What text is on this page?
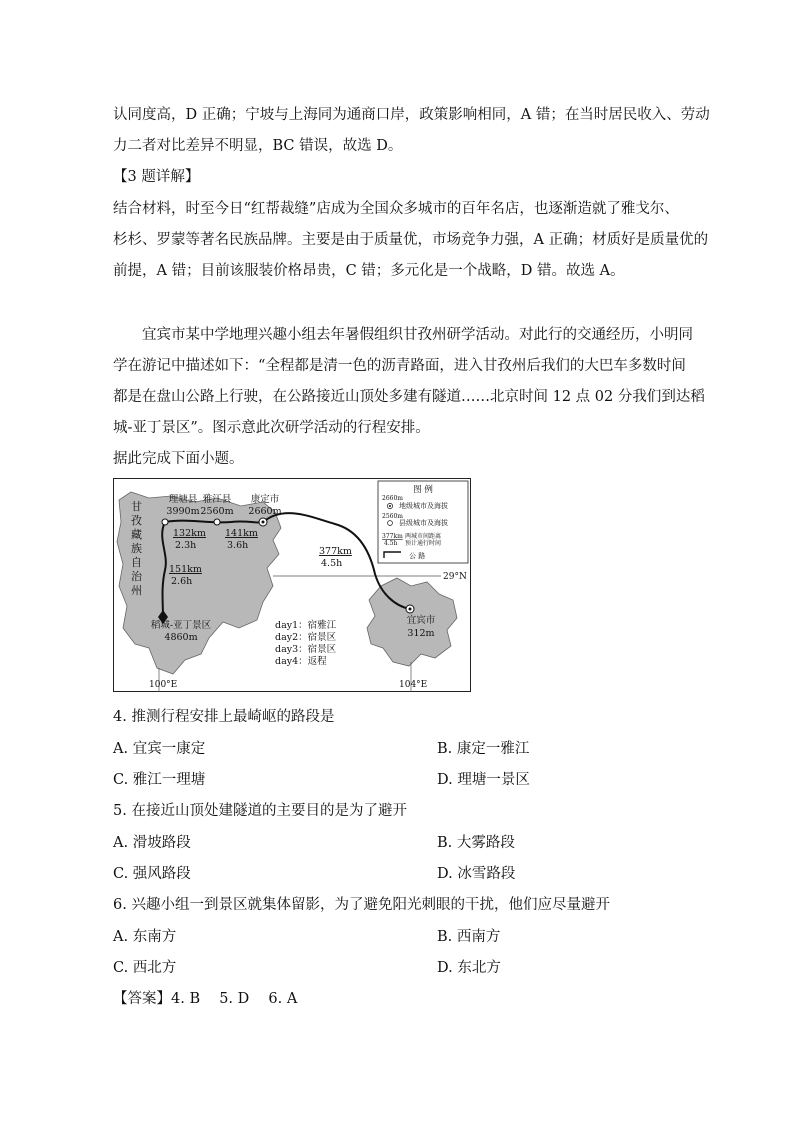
认同度高，D 正确；宁坡与上海同为通商口岸，政策影响相同，A 错；在当时居民收入、劳动
力二者对比差异不明显，BC 错误，故选 D。
【3 题详解】
结合材料，时至今日“红帮裁缝”店成为全国众多城市的百年名店，也逐渐造就了雅戈尔、
杉杉、罗蒙等著名民族品牌。主要是由于质量优，市场竞争力强，A 正确；材质好是质量优的
前提，A 错；目前该服装价格昂贵，C 错；多元化是一个战略，D 错。故选 A。
宜宾市某中学地理兴趣小组去年暑假组织甘孜州研学活动。对此行的交通经历，小明同
学在游记中描述如下：“全程都是清一色的沥青路面，进入甘孜州后我们的大巴车多数时间
都是在盘山公路上行驶，在公路接近山顶处多建有隧道……北京时间 12 点 02 分我们到达稻
城-亚丁景区”。图示意此次研学活动的行程安排。
据此完成下面小题。
甘
孜
藏
族
自
治
州
理塘县
3990m
雅江县
2560m
康定市
2660m
宜宾市
312m
稻城-亚丁景区
4860m
132km
2.3h
141km
3.6h
377km
4.5h
151km
2.6h	29°N
100°E	104°E
day1：宿雅江
day2：宿景区
day3：宿景区
day4：返程
图 例
2660m
地级城市及海拔
2560m
县级城市及海拔
377km
4.5h
两城市间距离
预计通行时间
公 路
4. 推测行程安排上最崎岖的路段是
A. 宜宾一康定	B. 康定一雅江
C. 雅江一理塘	D. 理塘一景区
5. 在接近山顶处建隧道的主要目的是为了避开
A. 滑坡路段	B. 大雾路段
C. 强风路段	D. 冰雪路段
6. 兴趣小组一到景区就集体留影，为了避免阳光刺眼的干扰，他们应尽量避开
A. 东南方	B. 西南方
C. 西北方	D. 东北方
【答案】4. B　 5. D　 6. A
